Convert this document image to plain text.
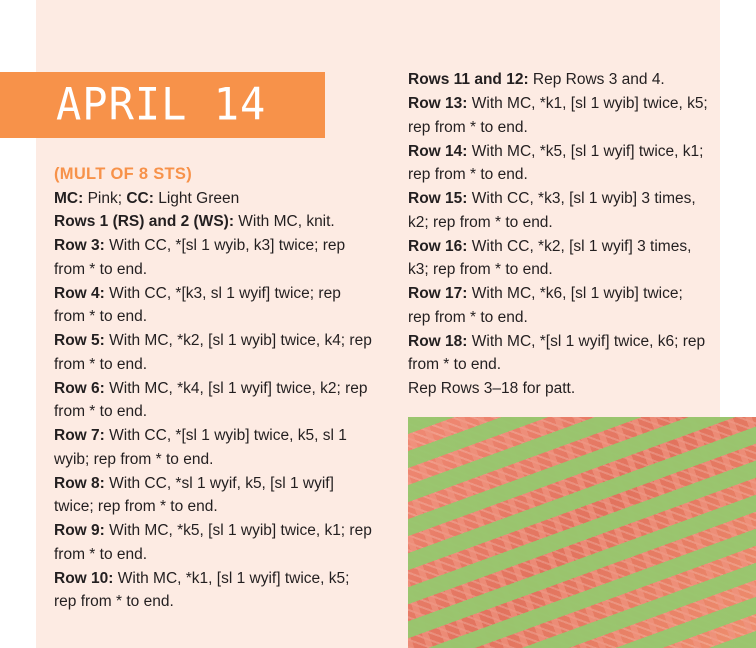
APRIL 14
(MULT OF 8 STS)
MC: Pink; CC: Light Green
Rows 1 (RS) and 2 (WS): With MC, knit.
Row 3: With CC, *[sl 1 wyib, k3] twice; rep from * to end.
Row 4: With CC, *[k3, sl 1 wyif] twice; rep from * to end.
Row 5: With MC, *k2, [sl 1 wyib] twice, k4; rep from * to end.
Row 6: With MC, *k4, [sl 1 wyif] twice, k2; rep from * to end.
Row 7: With CC, *[sl 1 wyib] twice, k5, sl 1 wyib; rep from * to end.
Row 8: With CC, *sl 1 wyif, k5, [sl 1 wyif] twice; rep from * to end.
Row 9: With MC, *k5, [sl 1 wyib] twice, k1; rep from * to end.
Row 10: With MC, *k1, [sl 1 wyif] twice, k5; rep from * to end.
Rows 11 and 12: Rep Rows 3 and 4.
Row 13: With MC, *k1, [sl 1 wyib] twice, k5; rep from * to end.
Row 14: With MC, *k5, [sl 1 wyif] twice, k1; rep from * to end.
Row 15: With CC, *k3, [sl 1 wyib] 3 times, k2; rep from * to end.
Row 16: With CC, *k2, [sl 1 wyif] 3 times, k3; rep from * to end.
Row 17: With MC, *k6, [sl 1 wyib] twice; rep from * to end.
Row 18: With MC, *[sl 1 wyif] twice, k6; rep from * to end.
Rep Rows 3–18 for patt.
